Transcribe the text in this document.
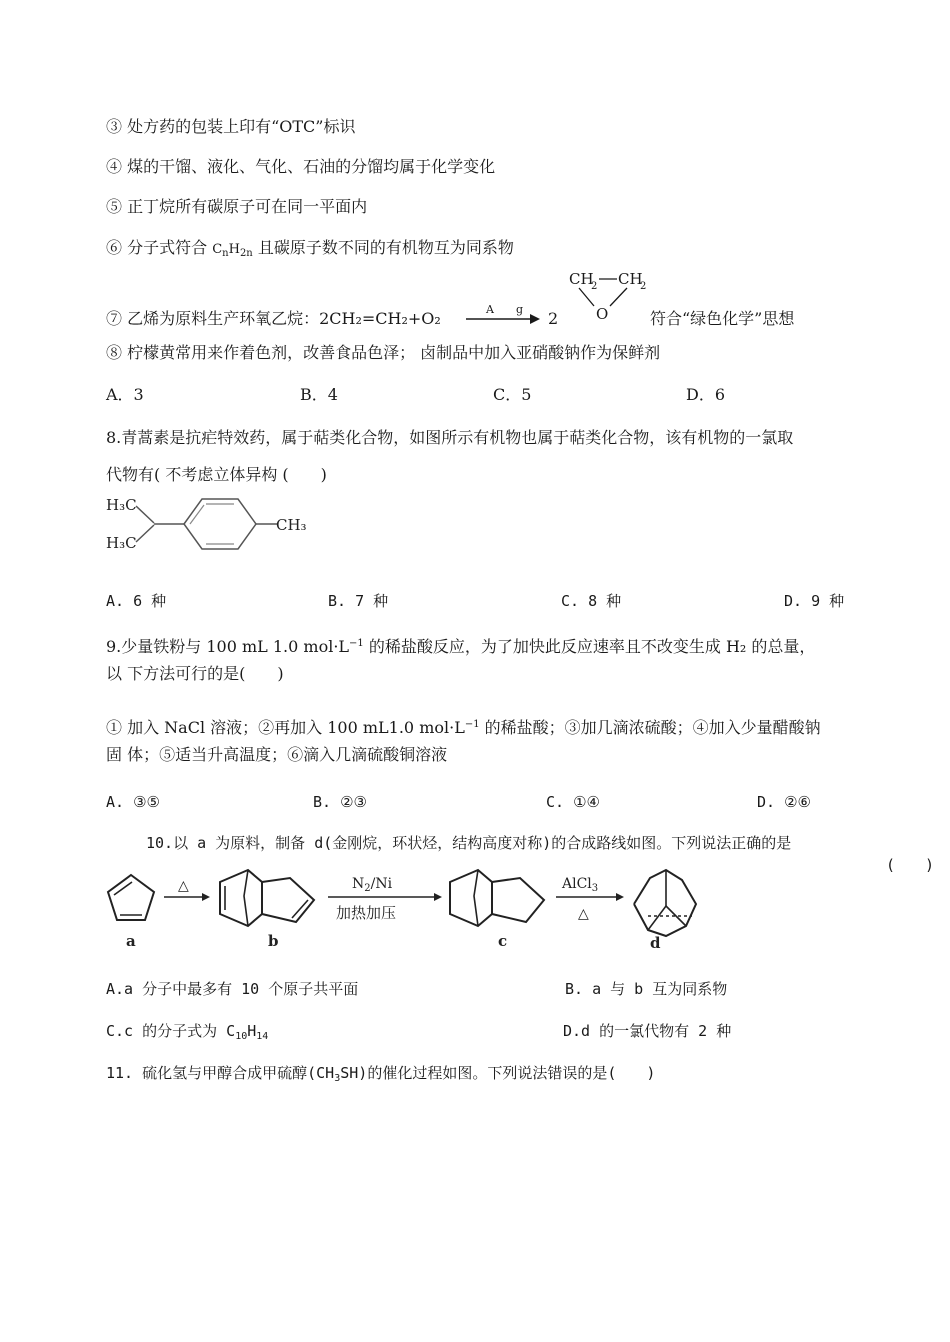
③ 处方药的包装上印有“OTC”标识
④ 煤的干馏、液化、气化、石油的分馏均属于化学变化
⑤ 正丁烷所有碳原子可在同一平面内
⑥ 分子式符合 $C_nH_{2n}$ 且碳原子数不同的有机物互为同系物
⑦ 乙烯为原料生产环氧乙烷：2CH₂=CH₂+O₂	A g 2
CH
2 CH
2
O	符合“绿色化学”思想
⑧ 柠檬黄常用来作着色剂，改善食品色泽； 卤制品中加入亚硝酸钠作为保鲜剂
A．3	B．4	C．5	D．6
8.青蒿素是抗疟特效药，属于萜类化合物，如图所示有机物也属于萜类化合物，该有机物的一氯取
代物有( 不考虑立体异构 (　　)
H₃C
H₃C
CH₃
A. 6 种	B. 7 种	C. 8 种	D. 9 种
9.少量铁粉与 100 mL 1.0 $mol\cdot L^{-1}$ 的稀盐酸反应，为了加快此反应速率且不改变生成 H₂ 的总量，
以 下方法可行的是(　　)
① 加入 NaCl 溶液；②再加入 100 mL1.0 $mol\cdot L^{-1}$ 的稀盐酸；③加几滴浓硫酸；④加入少量醋酸钠
固 体；⑤适当升高温度；⑥滴入几滴硫酸铜溶液
A. ③⑤	B. ②③	C. ①④	D. ②⑥
10.以 a 为原料，制备 d(金刚烷，环状烃，结构高度对称)的合成路线如图。下列说法正确的是
(　　)
a
△
b
$N_2/Ni$
加热加压
c
AlCl$_3$
△
d
A.a 分子中最多有 10 个原子共平面	B. a 与 b 互为同系物
C.c 的分子式为 $C_{10}H_{14}$	D.d 的一氯代物有 2 种
11. 硫化氢与甲醇合成甲硫醇$(CH_3SH)$的催化过程如图。下列说法错误的是(　　)
